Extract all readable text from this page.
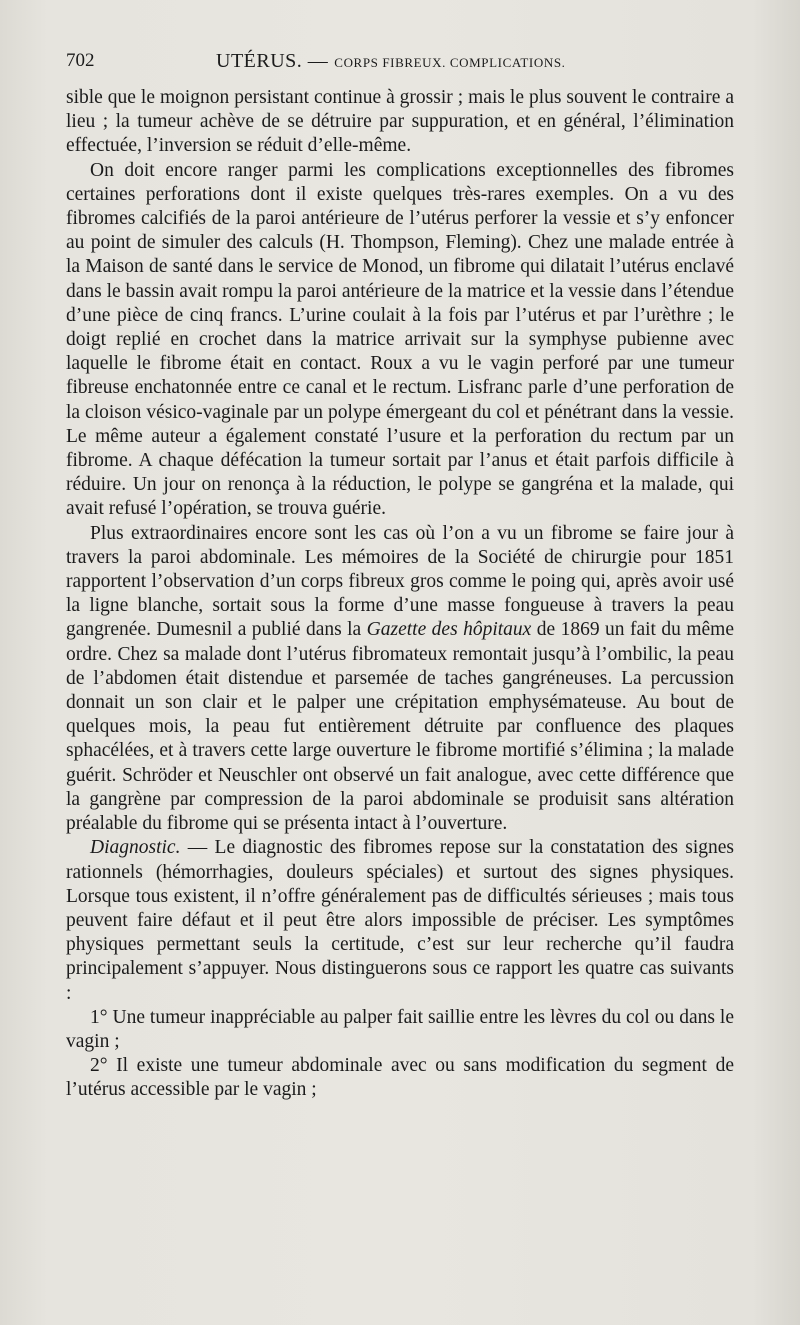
702	UTÉRUS. — CORPS FIBREUX. COMPLICATIONS.

sible que le moignon persistant continue à grossir ; mais le plus souvent le contraire a lieu ; la tumeur achève de se détruire par suppuration, et en général, l’élimination effectuée, l’inversion se réduit d’elle-même.

On doit encore ranger parmi les complications exceptionnelles des fibromes certaines perforations dont il existe quelques très-rares exemples. On a vu des fibromes calcifiés de la paroi antérieure de l’utérus perforer la vessie et s’y enfoncer au point de simuler des calculs (H. Thompson, Fleming). Chez une malade entrée à la Maison de santé dans le service de Monod, un fibrome qui dilatait l’utérus enclavé dans le bassin avait rompu la paroi antérieure de la matrice et la vessie dans l’étendue d’une pièce de cinq francs. L’urine coulait à la fois par l’utérus et par l’urèthre ; le doigt replié en crochet dans la matrice arrivait sur la symphyse pubienne avec laquelle le fibrome était en contact. Roux a vu le vagin perforé par une tumeur fibreuse enchatonnée entre ce canal et le rectum. Lisfranc parle d’une perforation de la cloison vésico-vaginale par un polype émergeant du col et pénétrant dans la vessie. Le même auteur a également constaté l’usure et la perforation du rectum par un fibrome. A chaque défécation la tumeur sortait par l’anus et était parfois difficile à réduire. Un jour on renonça à la réduction, le polype se gangréna et la malade, qui avait refusé l’opération, se trouva guérie.

Plus extraordinaires encore sont les cas où l’on a vu un fibrome se faire jour à travers la paroi abdominale. Les mémoires de la Société de chirurgie pour 1851 rapportent l’observation d’un corps fibreux gros comme le poing qui, après avoir usé la ligne blanche, sortait sous la forme d’une masse fongueuse à travers la peau gangrenée. Dumesnil a publié dans la Gazette des hôpitaux de 1869 un fait du même ordre. Chez sa malade dont l’utérus fibromateux remontait jusqu’à l’ombilic, la peau de l’abdomen était distendue et parsemée de taches gangréneuses. La percussion donnait un son clair et le palper une crépitation emphysémateuse. Au bout de quelques mois, la peau fut entièrement détruite par confluence des plaques sphacélées, et à travers cette large ouverture le fibrome mortifié s’élimina ; la malade guérit. Schröder et Neuschler ont observé un fait analogue, avec cette différence que la gangrène par compression de la paroi abdominale se produisit sans altération préalable du fibrome qui se présenta intact à l’ouverture.

Diagnostic. — Le diagnostic des fibromes repose sur la constatation des signes rationnels (hémorrhagies, douleurs spéciales) et surtout des signes physiques. Lorsque tous existent, il n’offre généralement pas de difficultés sérieuses ; mais tous peuvent faire défaut et il peut être alors impossible de préciser. Les symptômes physiques permettant seuls la certitude, c’est sur leur recherche qu’il faudra principalement s’appuyer. Nous distinguerons sous ce rapport les quatre cas suivants :

1° Une tumeur inappréciable au palper fait saillie entre les lèvres du col ou dans le vagin ;

2° Il existe une tumeur abdominale avec ou sans modification du segment de l’utérus accessible par le vagin ;
